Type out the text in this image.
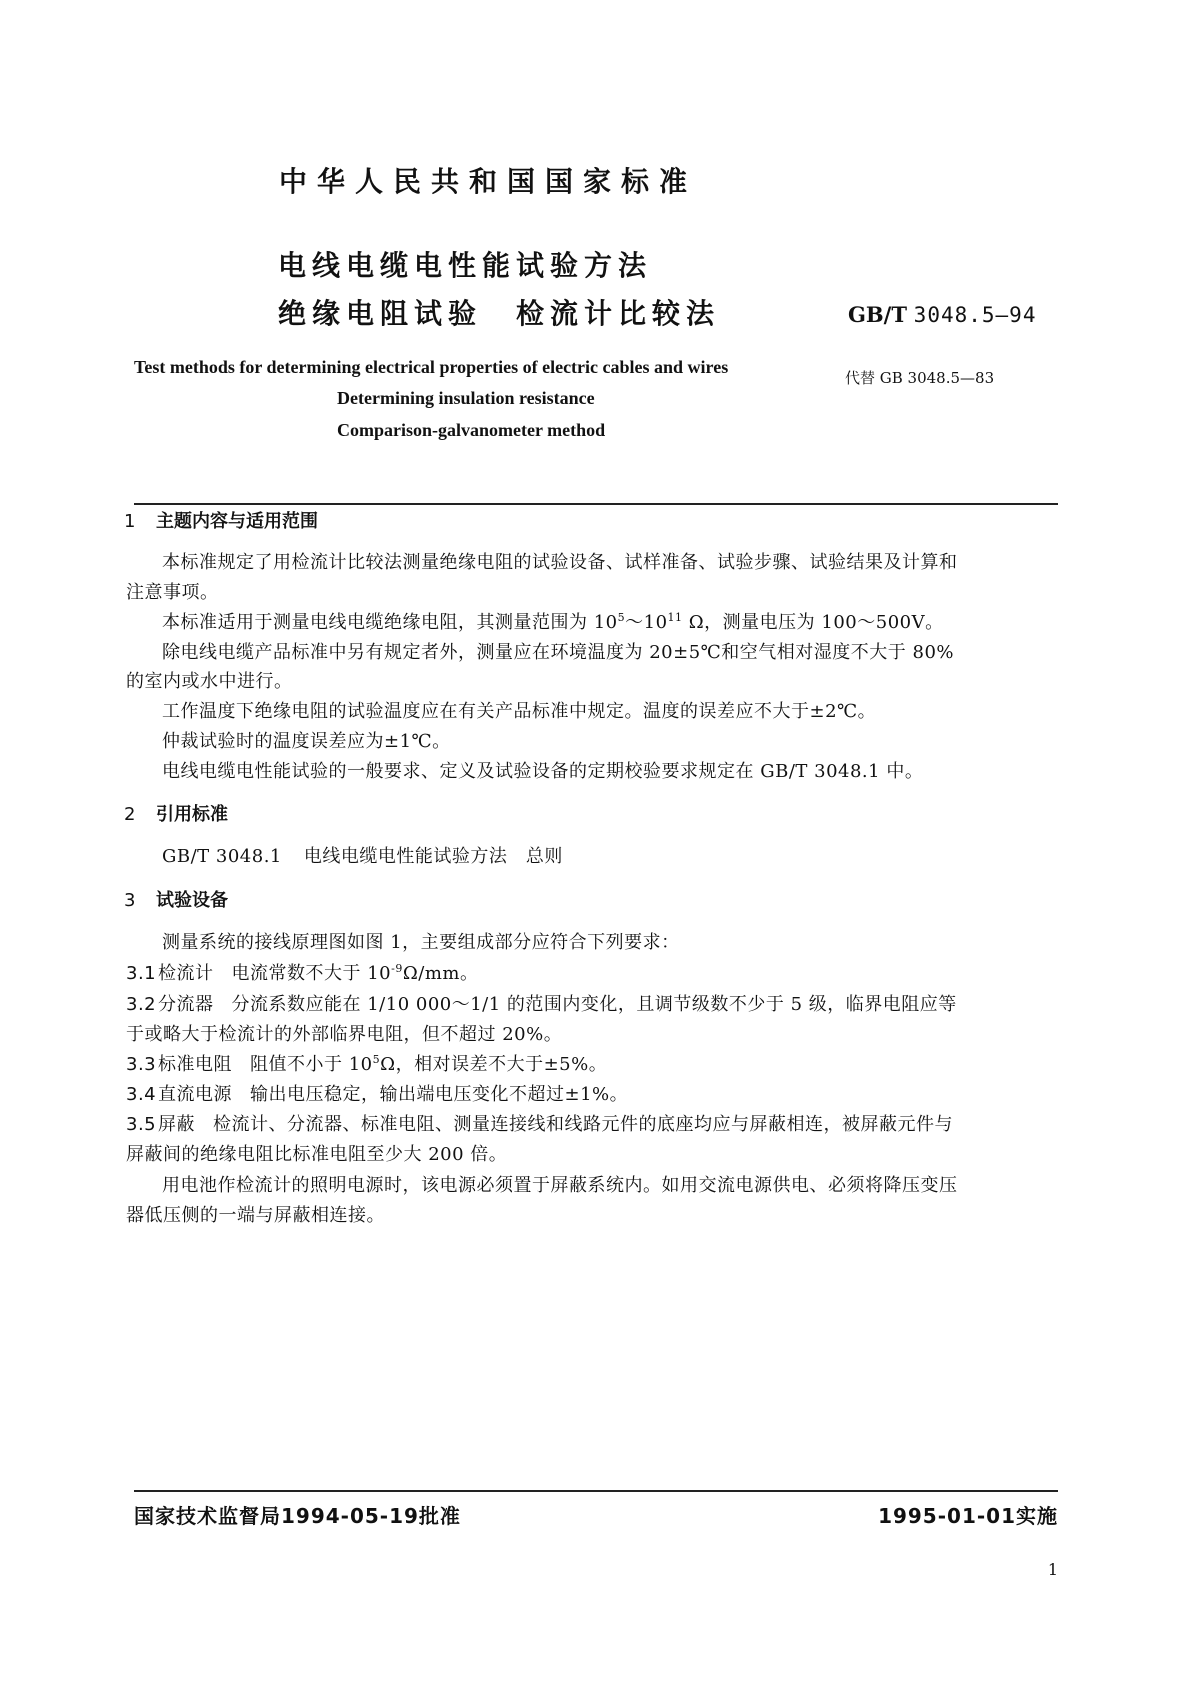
中华人民共和国国家标准
电线电缆电性能试验方法
绝缘电阻试验　检流计比较法	GB/T 3048.5—94
Test methods for determining electrical properties of electric cables and wires
代替 GB 3048.5—83
Determining insulation resistance
Comparison-galvanometer method
1 主题内容与适用范围
本标准规定了用检流计比较法测量绝缘电阻的试验设备、试样准备、试验步骤、试验结果及计算和
注意事项。
本标准适用于测量电线电缆绝缘电阻，其测量范围为 $10^5\sim 10^{11}$ Ω，测量电压为 100～500V。
除电线电缆产品标准中另有规定者外，测量应在环境温度为 20±5℃和空气相对湿度不大于 80%
的室内或水中进行。
工作温度下绝缘电阻的试验温度应在有关产品标准中规定。温度的误差应不大于±2℃。
仲裁试验时的温度误差应为±1℃。
电线电缆电性能试验的一般要求、定义及试验设备的定期校验要求规定在 GB/T 3048.1 中。
2 引用标准
GB/T 3048.1 电线电缆电性能试验方法　总则
3 试验设备
测量系统的接线原理图如图 1，主要组成部分应符合下列要求：
3.1 检流计 电流常数不大于 $10^{-9}\Omega/mm$。
3.2 分流器 分流系数应能在 1/10 000～1/1 的范围内变化，且调节级数不少于 5 级，临界电阻应等
于或略大于检流计的外部临界电阻，但不超过 20%。
3.3 标准电阻 阻值不小于 $10^5\Omega$，相对误差不大于±5%。
3.4 直流电源 输出电压稳定，输出端电压变化不超过±1%。
3.5 屏蔽 检流计、分流器、标准电阻、测量连接线和线路元件的底座均应与屏蔽相连，被屏蔽元件与
屏蔽间的绝缘电阻比标准电阻至少大 200 倍。
用电池作检流计的照明电源时，该电源必须置于屏蔽系统内。如用交流电源供电、必须将降压变压
器低压侧的一端与屏蔽相连接。
国家技术监督局1994-05-19批准	1995-01-01实施
1
